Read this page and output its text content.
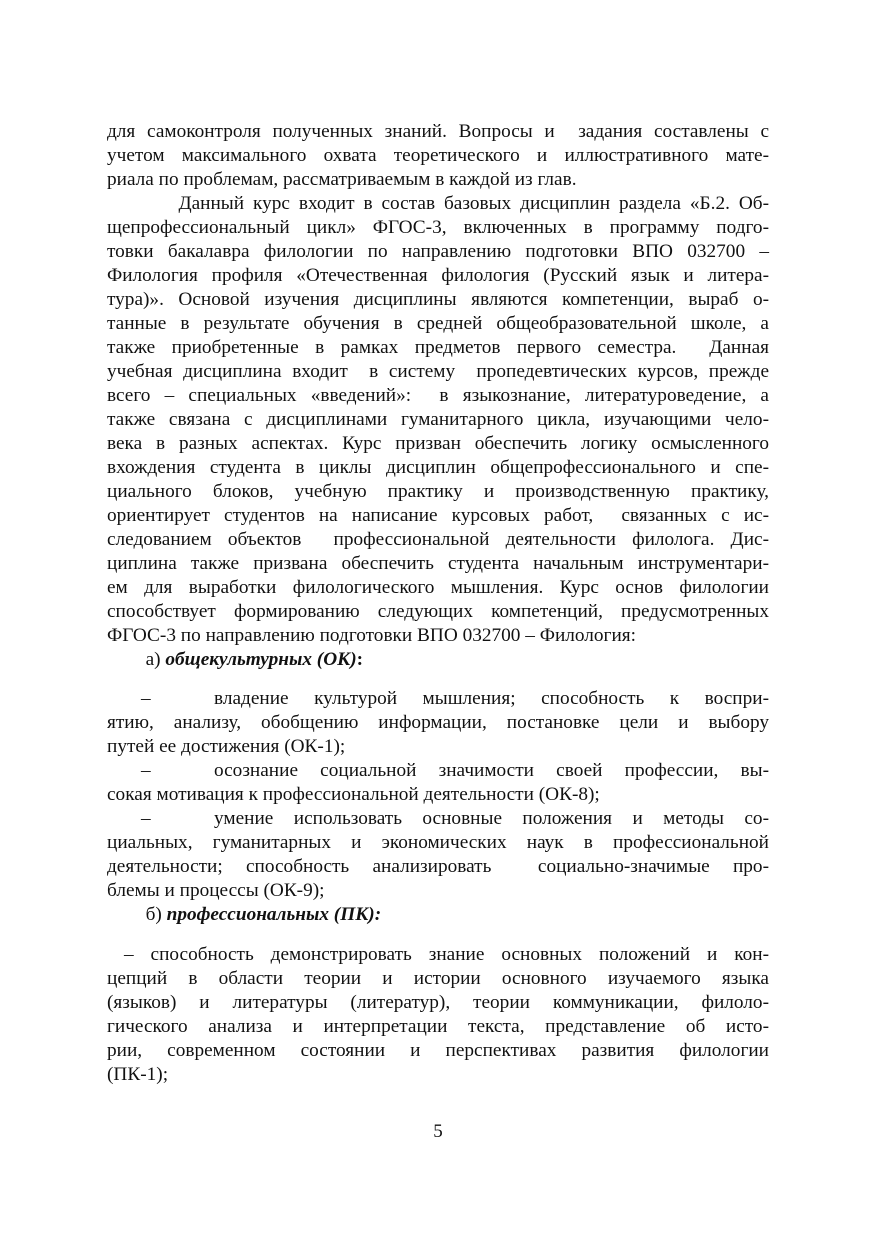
для самоконтроля полученных знаний. Вопросы и  задания составлены с
учетом максимального охвата теоретического и иллюстративного мате-
риала по проблемам, рассматриваемым в каждой из глав.
Данный курс входит в состав базовых дисциплин раздела «Б.2. Об-
щепрофессиональный цикл» ФГОС-3, включенных в программу подго-
товки бакалавра филологии по направлению подготовки ВПО 032700 –
Филология профиля «Отечественная филология (Русский язык и литера-
тура)». Основой изучения дисциплины являются компетенции, выраб о-
танные в результате обучения в средней общеобразовательной школе, а
также приобретенные в рамках предметов первого семестра.  Данная
учебная дисциплина входит  в систему  пропедевтических курсов, прежде
всего – специальных «введений»:  в языкознание, литературоведение, а
также связана с дисциплинами гуманитарного цикла, изучающими чело-
века в разных аспектах. Курс призван обеспечить логику осмысленного
вхождения студента в циклы дисциплин общепрофессионального и спе-
циального блоков, учебную практику и производственную практику,
ориентирует студентов на написание курсовых работ,  связанных с ис-
следованием объектов  профессиональной деятельности филолога. Дис-
циплина также призвана обеспечить студента начальным инструментари-
ем для выработки филологического мышления. Курс основ филологии
способствует формированию следующих компетенций, предусмотренных
ФГОС-3 по направлению подготовки ВПО 032700 – Филология:
а) общекультурных (ОК):
–	владение культурой мышления; способность к воспри-
ятию, анализу, обобщению информации, постановке цели и выбору
путей ее достижения (ОК-1);
–	осознание социальной значимости своей профессии, вы-
сокая мотивация к профессиональной деятельности (ОК-8);
–	умение использовать основные положения и методы со-
циальных, гуманитарных и экономических наук в профессиональной
деятельности; способность анализировать  социально-значимые про-
блемы и процессы (ОК-9);
б) профессиональных (ПК):
– способность демонстрировать знание основных положений и кон-
цепций в области теории и истории основного изучаемого языка
(языков) и литературы (литератур), теории коммуникации, филоло-
гического анализа и интерпретации текста, представление об исто-
рии, современном состоянии и перспективах развития филологии
(ПК-1);
5
